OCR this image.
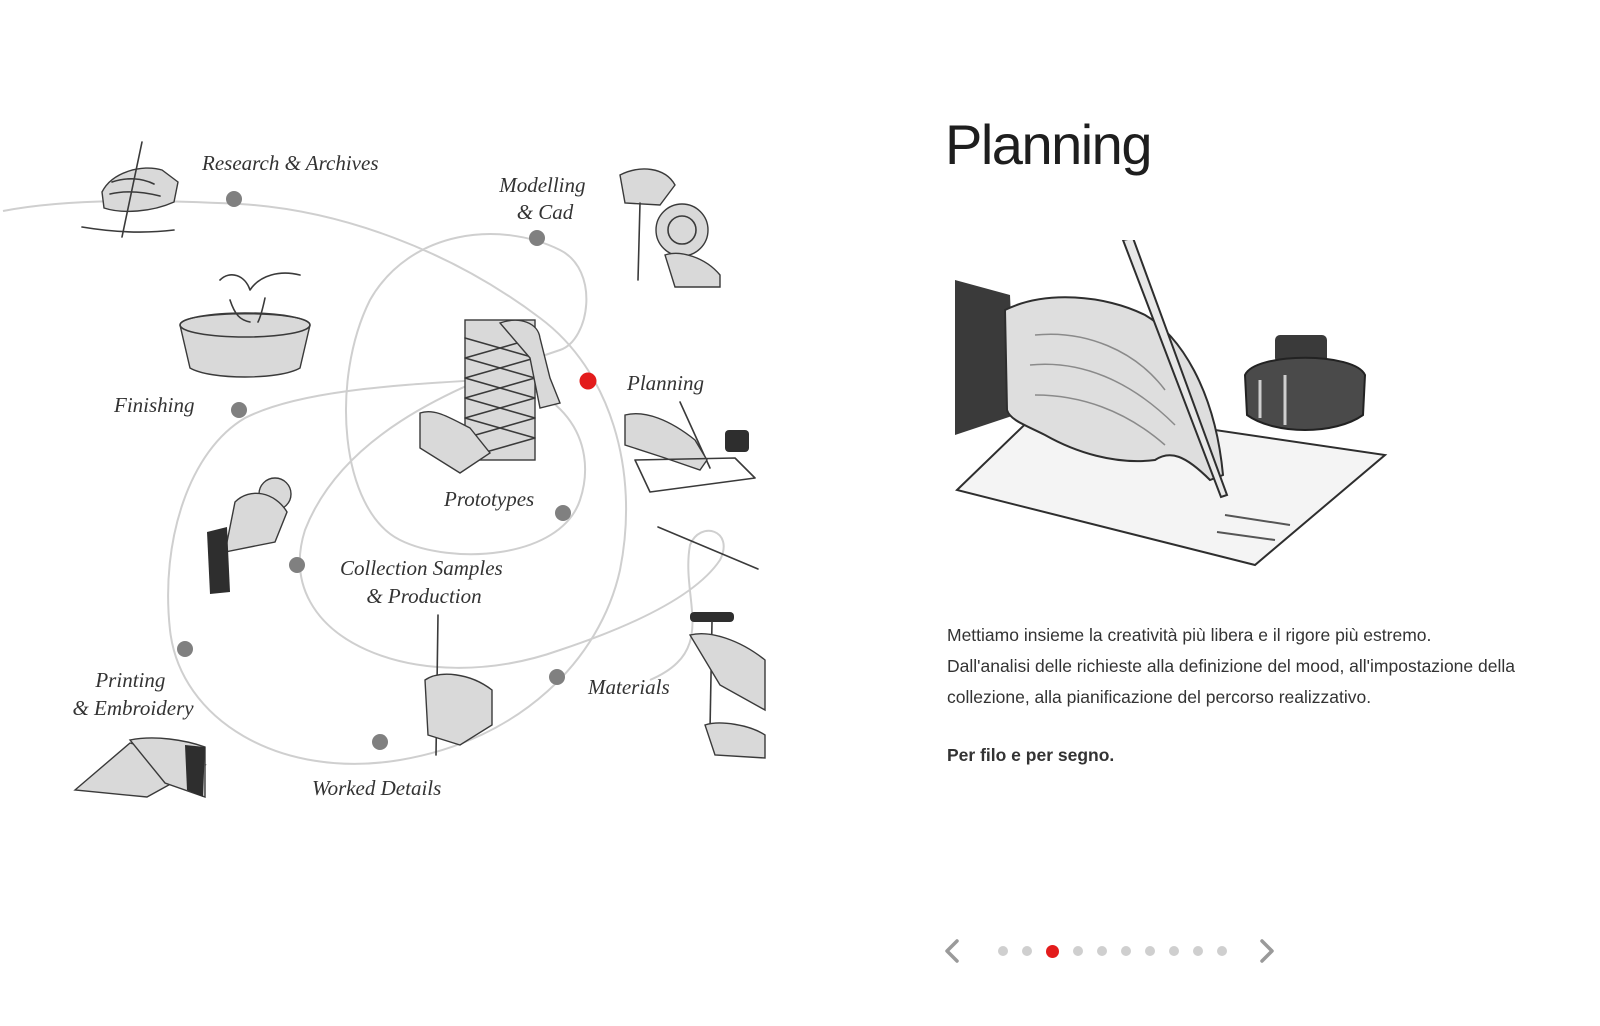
Research & Archives
Modelling & Cad
Planning
Prototypes
Finishing
Collection Samples & Production
Printing & Embroidery
Materials
Worked Details
Planning

Mettiamo insieme la creatività più libera e il rigore più estremo.

Dall'analisi delle richieste alla definizione del mood, all'impostazione della collezione, alla pianificazione del percorso realizzativo.

Per filo e per segno.
